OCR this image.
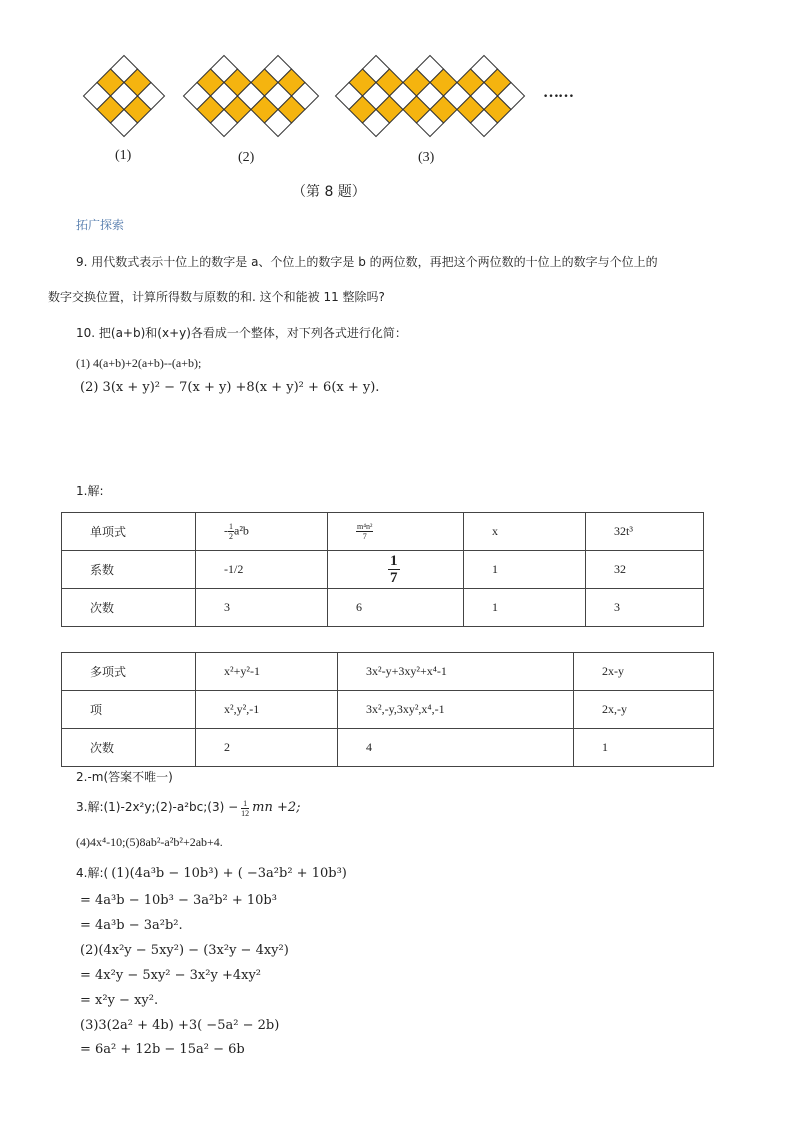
(1)	(2)	(3)
……
（第 8 题）
拓广探索
9. 用代数式表示十位上的数字是 a、个位上的数字是 b 的两位数，再把这个两位数的十位上的数字与个位上的
数字交换位置，计算所得数与原数的和. 这个和能被 11 整除吗?
10. 把(a+b)和(x+y)各看成一个整体，对下列各式进行化简：
(1) 4(a+b)+2(a+b)--(a+b);
(2) 3(x + y)² − 7(x + y) +8(x + y)² + 6(x + y).
1.解:
单项式	- $\frac{1}{2} a^2b$	$\frac{\text{m⁴n²}}{7}$	x	32t³
系数	-1/2	$\frac{1}{7}$	1	32
次数	3	6	1	3
多项式	x²+y²-1	3x²-y+3xy²+x⁴-1	2x-y
项	x²,y²,-1	3x²,-y,3xy²,x⁴,-1	2x,-y
次数	2	4	1
2.-m(答案不唯一)
3.解:(1)-2x²y;(2)-a²bc;(3) − $\frac{1}{12}$ mn +2;
(4)4x⁴-10;(5)8ab²-a²b²+2ab+4.
4.解:( (1)(4a³b − 10b³) + ( −3a²b² + 10b³)
= 4a³b − 10b³ − 3a²b² + 10b³
= 4a³b − 3a²b².
(2)(4x²y − 5xy²) − (3x²y − 4xy²)
= 4x²y − 5xy² − 3x²y +4xy²
= x²y − xy².
(3)3(2a² + 4b) +3( −5a² − 2b)
= 6a² + 12b − 15a² − 6b
